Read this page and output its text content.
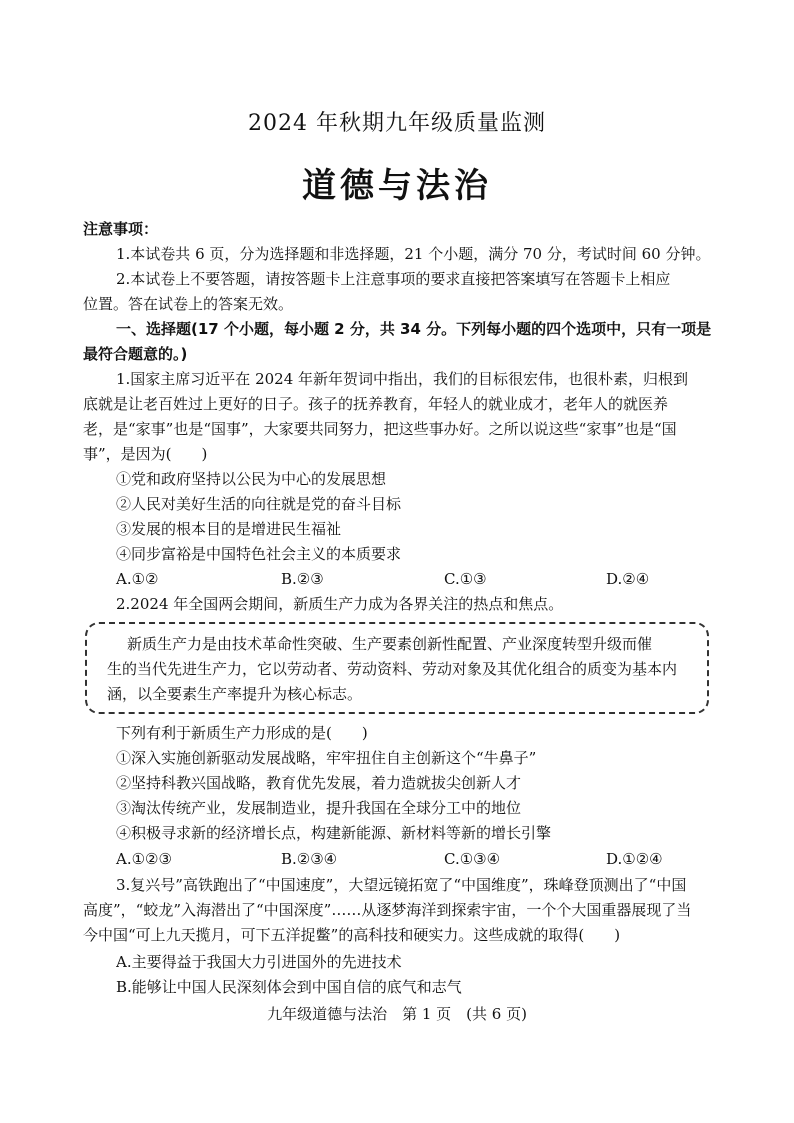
2024 年秋期九年级质量监测
道德与法治
注意事项：
1.本试卷共 6 页，分为选择题和非选择题，21 个小题，满分 70 分，考试时间 60 分钟。
2.本试卷上不要答题，请按答题卡上注意事项的要求直接把答案填写在答题卡上相应
位置。答在试卷上的答案无效。
一、选择题(17 个小题，每小题 2 分，共 34 分。下列每小题的四个选项中，只有一项是
最符合题意的。)
1.国家主席习近平在 2024 年新年贺词中指出，我们的目标很宏伟，也很朴素，归根到
底就是让老百姓过上更好的日子。孩子的抚养教育，年轻人的就业成才，老年人的就医养
老，是“家事”也是“国事”，大家要共同努力，把这些事办好。之所以说这些“家事”也是“国
事”，是因为(　　)
①党和政府坚持以公民为中心的发展思想
②人民对美好生活的向往就是党的奋斗目标
③发展的根本目的是增进民生福祉
④同步富裕是中国特色社会主义的本质要求
A.①②	B.②③	C.①③	D.②④
2.2024 年全国两会期间，新质生产力成为各界关注的热点和焦点。
新质生产力是由技术革命性突破、生产要素创新性配置、产业深度转型升级而催
生的当代先进生产力，它以劳动者、劳动资料、劳动对象及其优化组合的质变为基本内
涵，以全要素生产率提升为核心标志。
下列有利于新质生产力形成的是(　　)
①深入实施创新驱动发展战略，牢牢扭住自主创新这个“牛鼻子”
②坚持科教兴国战略，教育优先发展，着力造就拔尖创新人才
③淘汰传统产业，发展制造业，提升我国在全球分工中的地位
④积极寻求新的经济增长点，构建新能源、新材料等新的增长引擎
A.①②③	B.②③④	C.①③④	D.①②④
3.复兴号”高铁跑出了“中国速度”，大望远镜拓宽了“中国维度”，珠峰登顶测出了“中国
高度”，“蛟龙”入海潜出了“中国深度”……从逐梦海洋到探索宇宙，一个个大国重器展现了当
今中国“可上九天揽月，可下五洋捉鳖”的高科技和硬实力。这些成就的取得(　　)
A.主要得益于我国大力引进国外的先进技术
B.能够让中国人民深刻体会到中国自信的底气和志气
九年级道德与法治　第 1 页　(共 6 页)
